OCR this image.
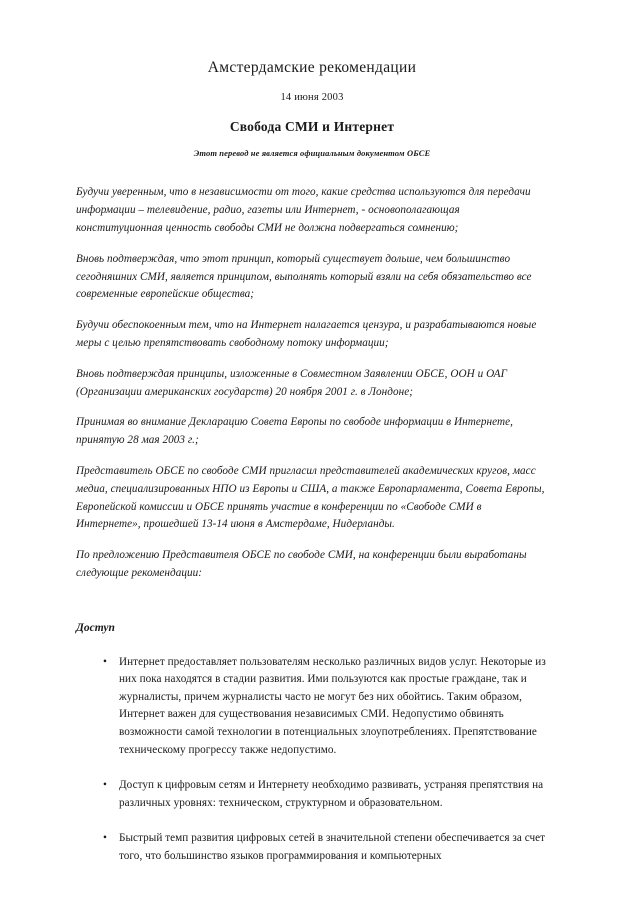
Амстердамские рекомендации
14 июня 2003
Свобода СМИ и Интернет
Этот перевод не является официальным документом ОБСЕ

Будучи уверенным, что в независимости от того, какие средства используются для передачи информации – телевидение, радио, газеты или Интернет, - основополагающая конституционная ценность свободы СМИ не должна подвергаться сомнению;

Вновь подтверждая, что этот принцип, который существует дольше, чем большинство сегодняшних СМИ, является принципом, выполнять который взяли на себя обязательство все современные европейские общества;

Будучи обеспокоенным тем, что на Интернет налагается цензура, и разрабатываются новые меры с целью препятствовать свободному потоку информации;

Вновь подтверждая принципы, изложенные в Совместном Заявлении ОБСЕ, ООН и ОАГ (Организации американских государств) 20 ноября 2001 г. в Лондоне;

Принимая во внимание Декларацию Совета Европы по свободе информации в Интернете, принятую 28 мая 2003 г.;

Представитель ОБСЕ по свободе СМИ пригласил представителей академических кругов, масс медиа, специализированных НПО из Европы и США, а также Европарламента, Совета Европы, Европейской комиссии и ОБСЕ принять участие в конференции по «Свободе СМИ в Интернете», прошедшей 13-14 июня в Амстердаме, Нидерланды.

По предложению Представителя ОБСЕ по свободе СМИ, на конференции были выработаны следующие рекомендации:

Доступ
• Интернет предоставляет пользователям несколько различных видов услуг. Некоторые из них пока находятся в стадии развития. Ими пользуются как простые граждане, так и журналисты, причем журналисты часто не могут без них обойтись. Таким образом, Интернет важен для существования независимых СМИ. Недопустимо обвинять возможности самой технологии в потенциальных злоупотреблениях. Препятствование техническому прогрессу также недопустимо.
• Доступ к цифровым сетям и Интернету необходимо развивать, устраняя препятствия на различных уровнях: техническом, структурном и образовательном.
• Быстрый темп развития цифровых сетей в значительной степени обеспечивается за счет того, что большинство языков программирования и компьютерных
